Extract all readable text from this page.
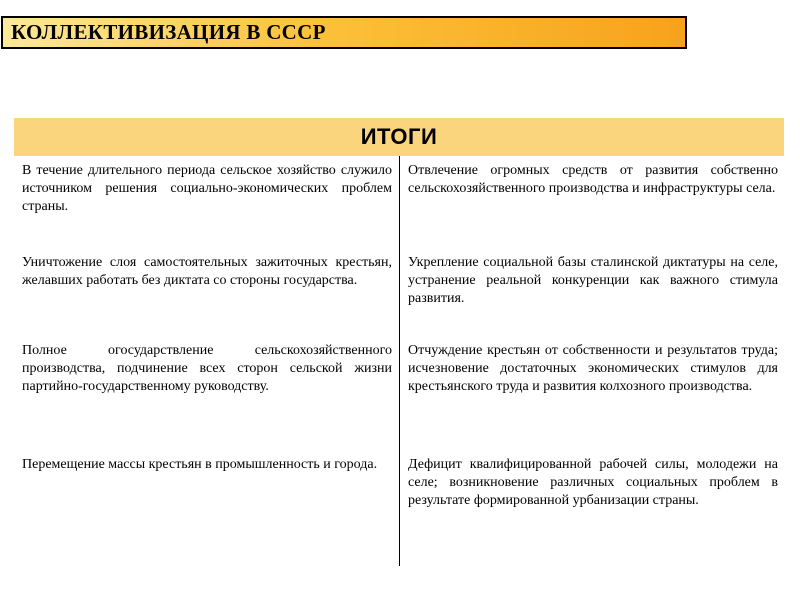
КОЛЛЕКТИВИЗАЦИЯ В СССР
ИТОГИ
В течение длительного периода сельское хозяйство служило источником решения социально-экономических проблем страны.
Отвлечение огромных средств от развития собственно сельскохозяйственного производства и инфраструктуры села.
Уничтожение слоя самостоятельных зажиточных крестьян, желавших работать без диктата со стороны государства.
Укрепление социальной базы сталинской диктатуры на селе, устранение реальной конкуренции как важного стимула развития.
Полное огосударствление сельскохозяйственного производства, подчинение всех сторон сельской жизни партийно-государственному руководству.
Отчуждение крестьян от собственности и результатов труда; исчезновение достаточных экономических стимулов для крестьянского труда и развития колхозного производства.
Перемещение массы крестьян в промышленность и города.	Дефицит квалифицированной рабочей силы, молодежи на селе; возникновение различных социальных проблем в результате формированной урбанизации страны.
